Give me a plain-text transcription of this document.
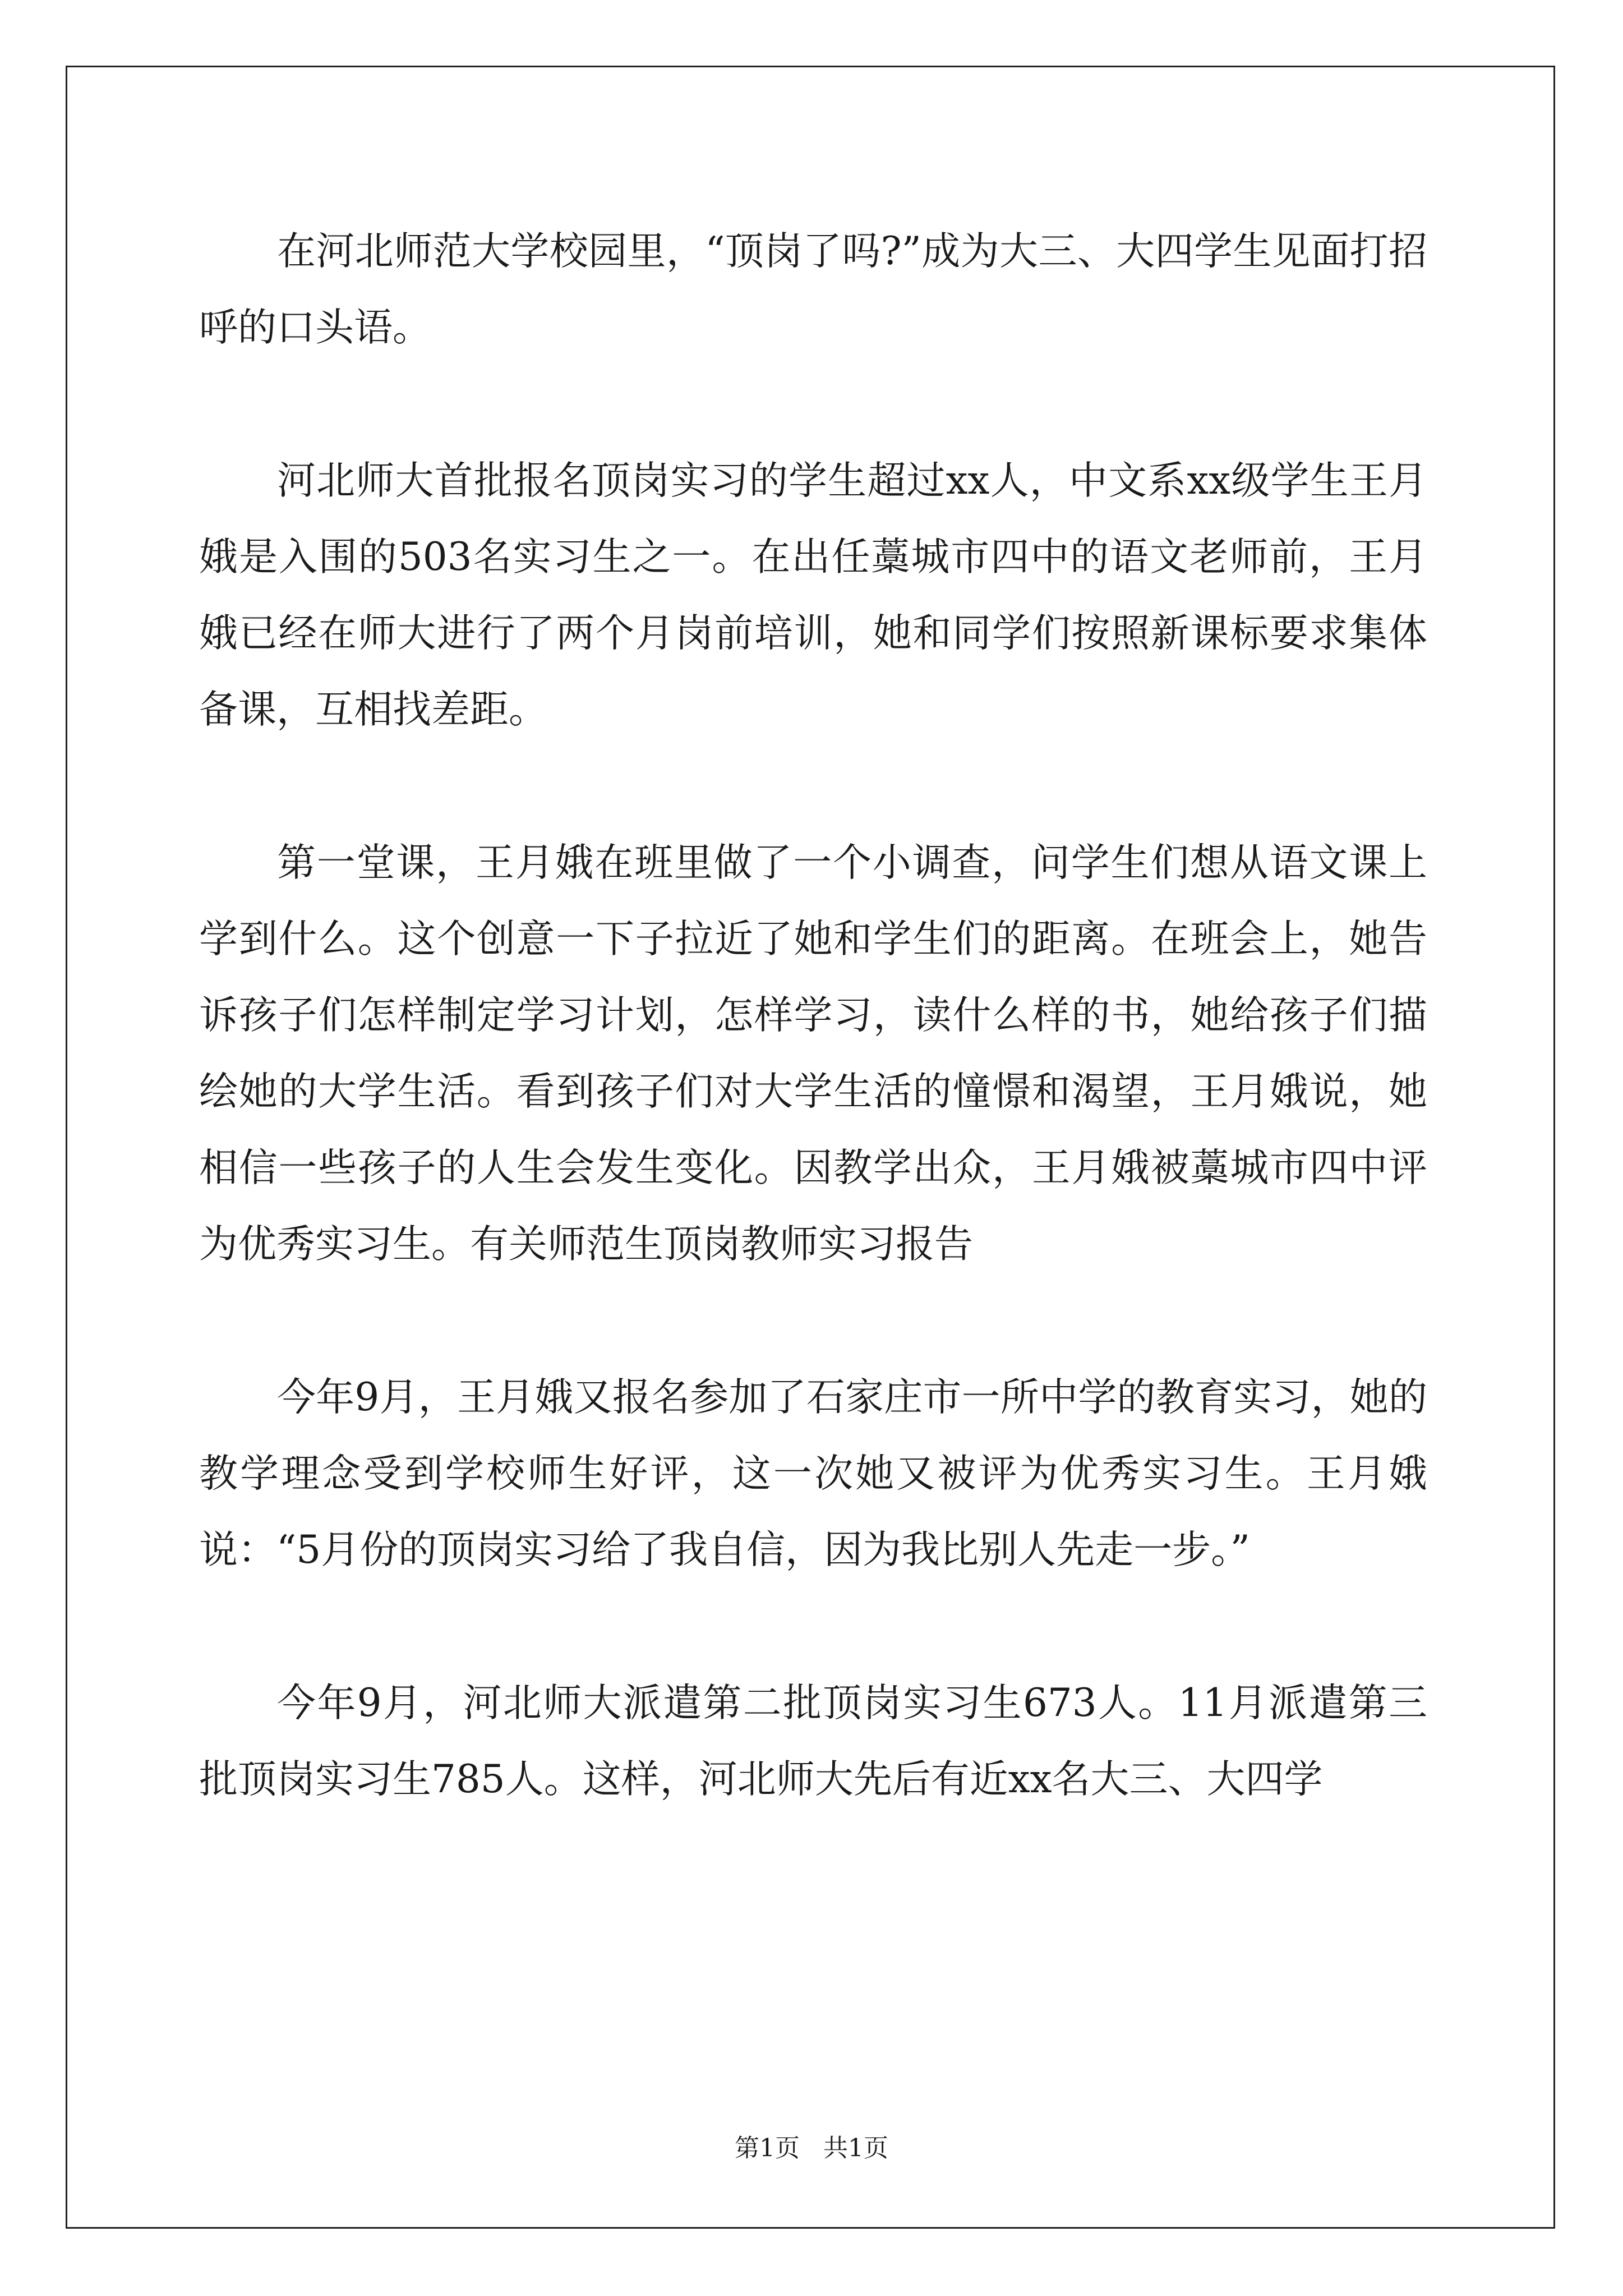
在河北师范大学校园里，“顶岗了吗?”成为大三、大四学生见面打招呼的口头语。

河北师大首批报名顶岗实习的学生超过xx人，中文系xx级学生王月娥是入围的503名实习生之一。在出任藁城市四中的语文老师前，王月娥已经在师大进行了两个月岗前培训，她和同学们按照新课标要求集体备课，互相找差距。

第一堂课，王月娥在班里做了一个小调查，问学生们想从语文课上学到什么。这个创意一下子拉近了她和学生们的距离。在班会上，她告诉孩子们怎样制定学习计划，怎样学习，读什么样的书，她给孩子们描绘她的大学生活。看到孩子们对大学生活的憧憬和渴望，王月娥说，她相信一些孩子的人生会发生变化。因教学出众，王月娥被藁城市四中评为优秀实习生。有关师范生顶岗教师实习报告

今年9月，王月娥又报名参加了石家庄市一所中学的教育实习，她的教学理念受到学校师生好评，这一次她又被评为优秀实习生。王月娥说：“5月份的顶岗实习给了我自信，因为我比别人先走一步。”

今年9月，河北师大派遣第二批顶岗实习生673人。11月派遣第三批顶岗实习生785人。这样，河北师大先后有近xx名大三、大四学

第1页 共1页
